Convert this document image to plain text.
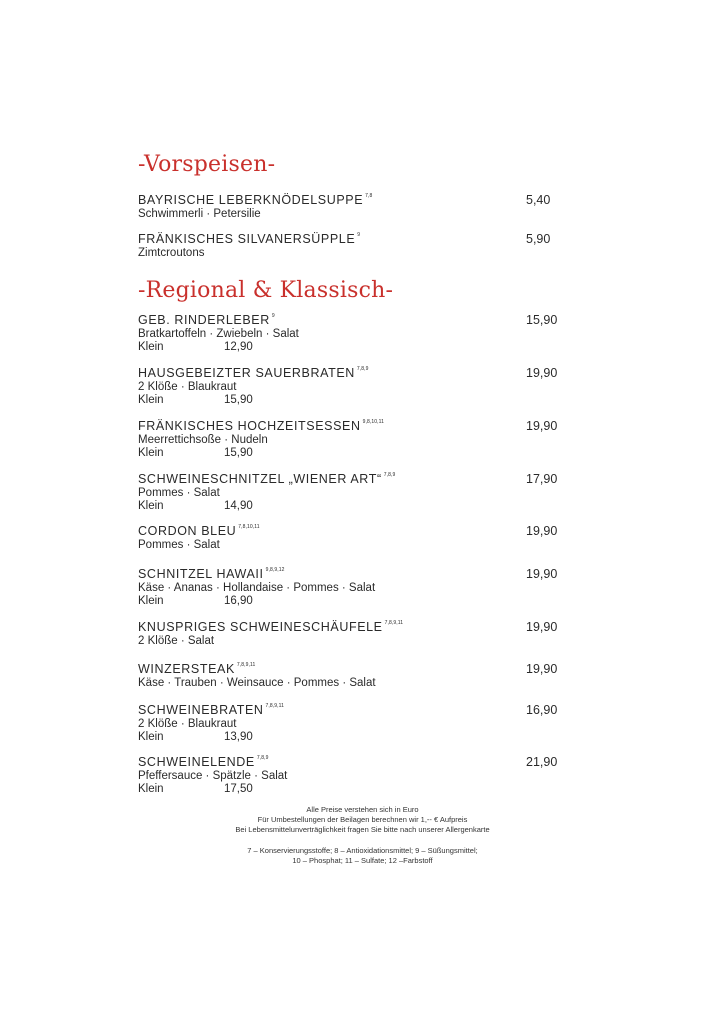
-Vorspeisen-
BAYRISCHE LEBERKNÖDELSUPPE $^{7,8}$
Schwimmerli · Petersilie
5,40
FRÄNKISCHES SILVANERSÜPPLE $^9$
Zimtcroutons
5,90
-Regional & Klassisch-
GEB. RINDERLEBER $^9$
Bratkartoffeln · Zwiebeln · Salat
Klein	12,90
15,90
HAUSGEBEIZTER SAUERBRATEN $^{7,8,9}$
2 Klöße · Blaukraut
Klein	15,90
19,90
FRÄNKISCHES HOCHZEITSESSEN $^{9,8,10,11}$
Meerrettichsoße · Nudeln
Klein	15,90
19,90
SCHWEINESCHNITZEL „WIENER ART“ $^{7,8,9}$
Pommes · Salat
Klein	14,90
17,90
CORDON BLEU $^{7,8,10,11}$
Pommes · Salat
19,90
SCHNITZEL HAWAII $^{9,8,9,12}$
Käse · Ananas · Hollandaise · Pommes · Salat
Klein	16,90
19,90
KNUSPRIGES SCHWEINESCHÄUFELE $^{7,8,9,11}$
2 Klöße · Salat
19,90
WINZERSTEAK $^{7,8,9,11}$
Käse · Trauben · Weinsauce · Pommes · Salat
19,90
SCHWEINEBRATEN $^{7,8,9,11}$
2 Klöße · Blaukraut
Klein	13,90
16,90
SCHWEINELENDE $^{7,8,9}$
Pfeffersauce · Spätzle · Salat
Klein	17,50
21,90
Alle Preise verstehen sich in Euro
Für Umbestellungen der Beilagen berechnen wir 1,-- € Aufpreis
Bei Lebensmittelunverträglichkeit fragen Sie bitte nach unserer Allergenkarte
7 – Konservierungsstoffe; 8 – Antioxidationsmittel; 9 – Süßungsmittel;
10 – Phosphat; 11 – Sulfate; 12 –Farbstoff
